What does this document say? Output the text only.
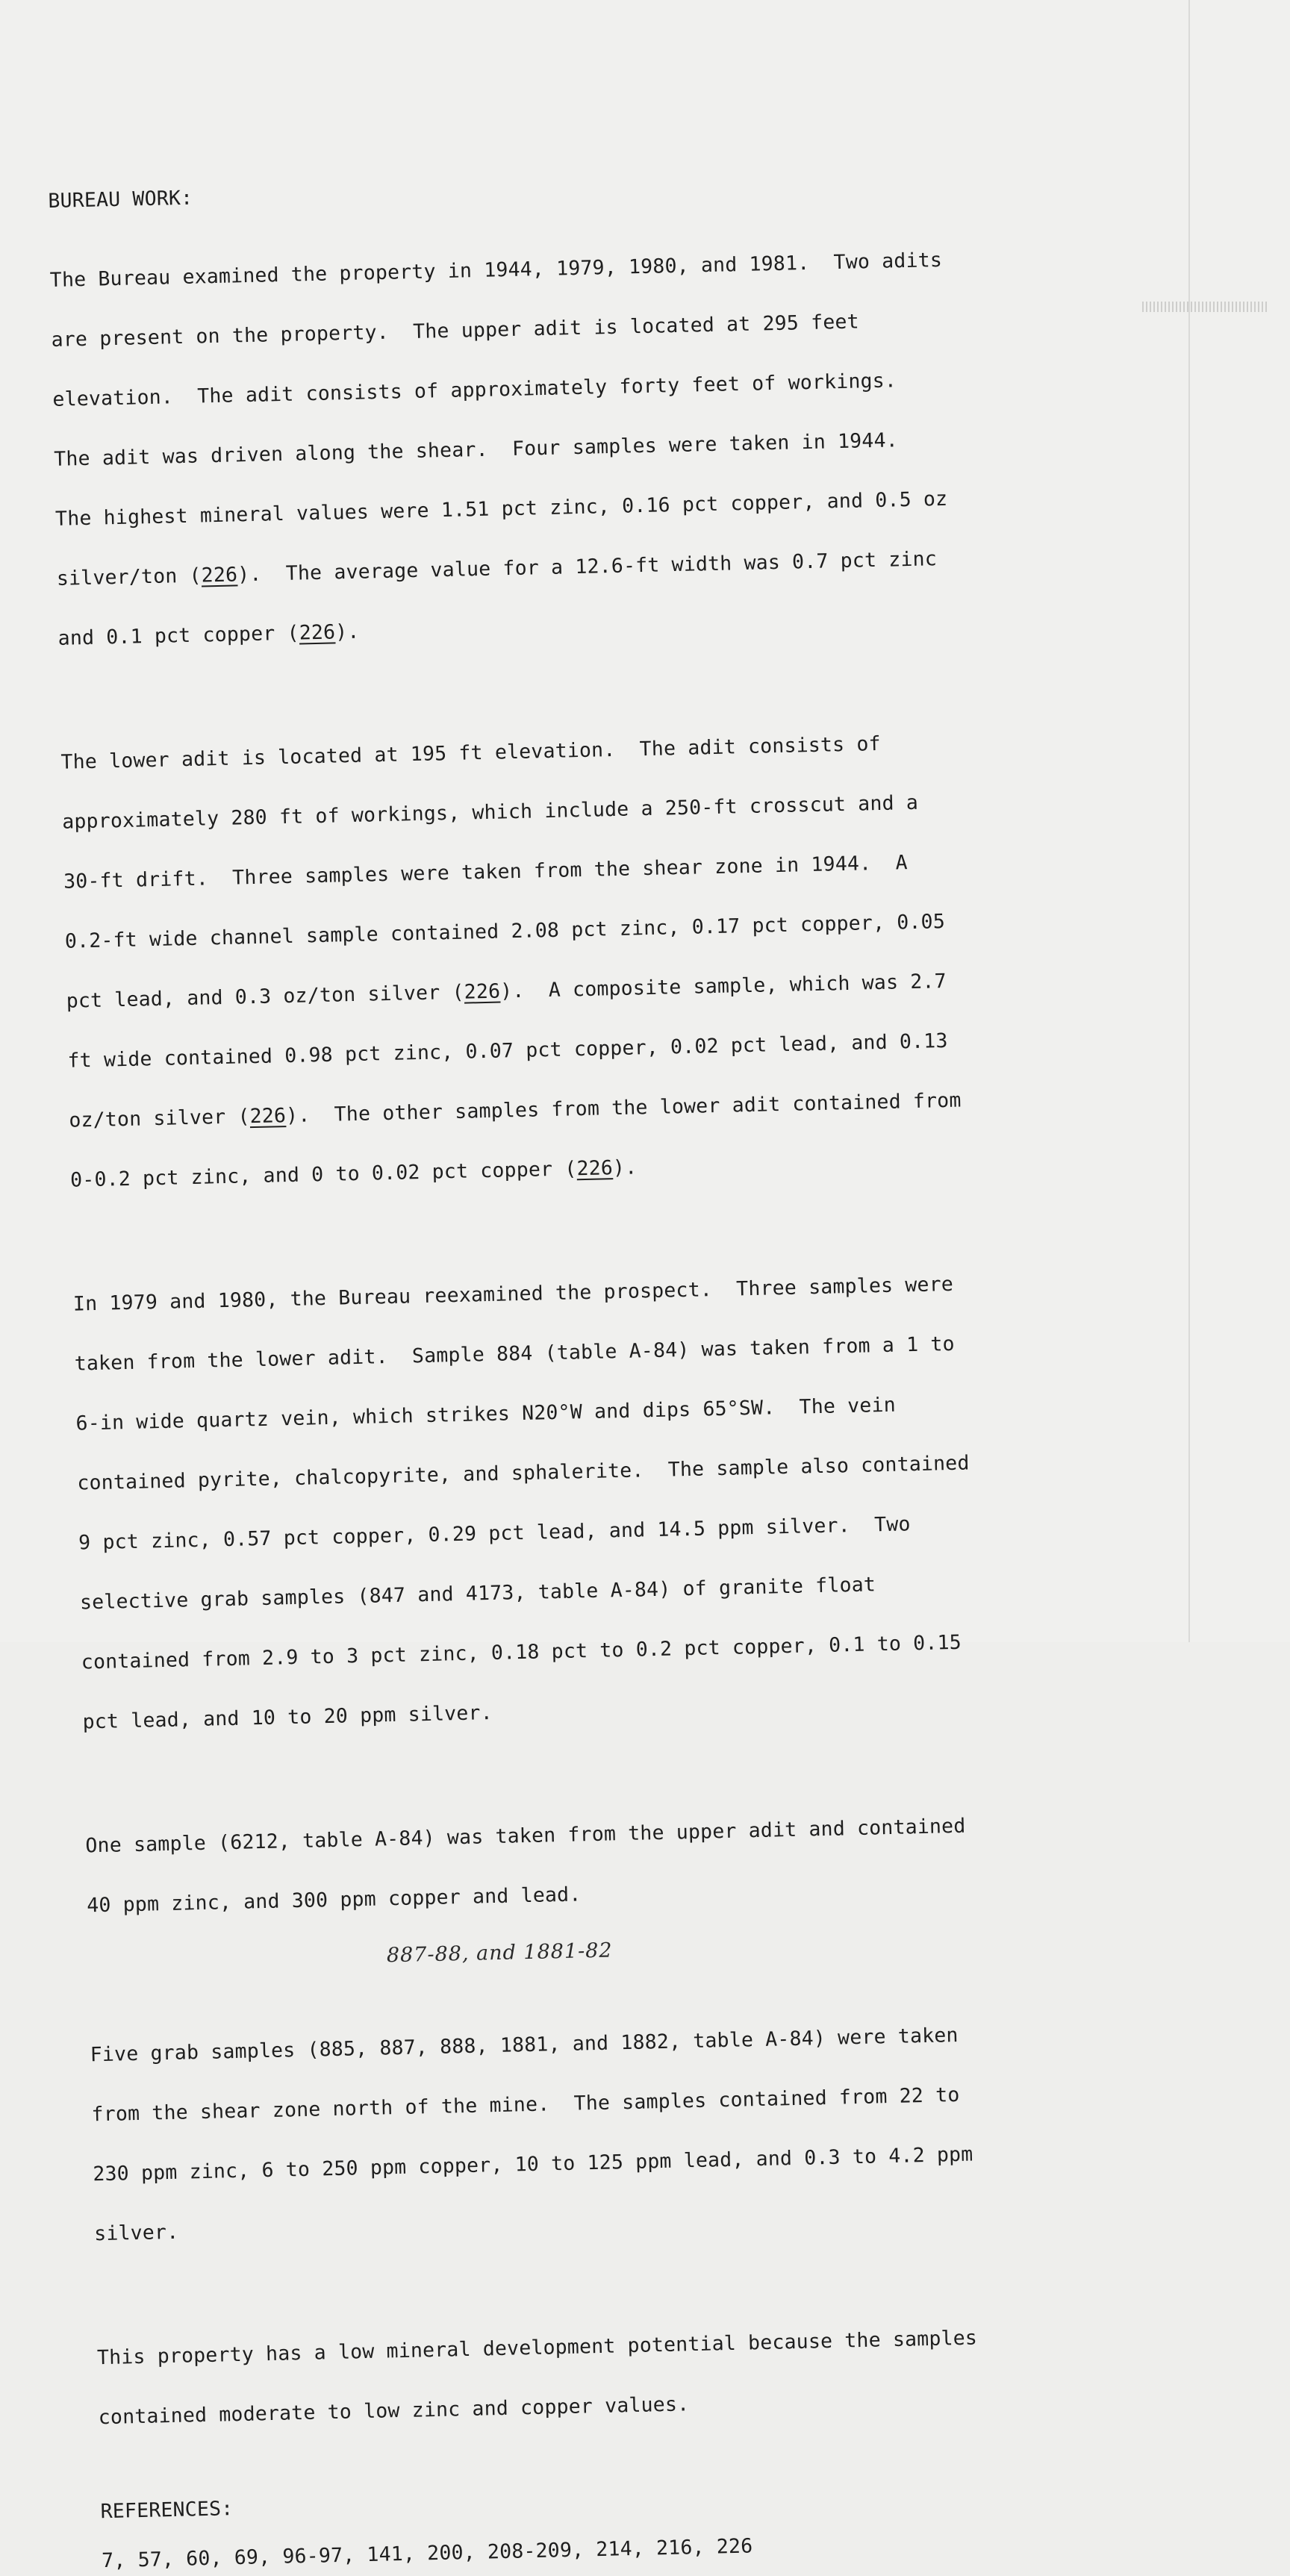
BUREAU WORK:

The Bureau examined the property in 1944, 1979, 1980, and 1981.  Two adits

are present on the property.  The upper adit is located at 295 feet

elevation.  The adit consists of approximately forty feet of workings.

The adit was driven along the shear.  Four samples were taken in 1944.

The highest mineral values were 1.51 pct zinc, 0.16 pct copper, and 0.5 oz

silver/ton (226).  The average value for a 12.6-ft width was 0.7 pct zinc

and 0.1 pct copper (226).

The lower adit is located at 195 ft elevation.  The adit consists of

approximately 280 ft of workings, which include a 250-ft crosscut and a

30-ft drift.  Three samples were taken from the shear zone in 1944.  A

0.2-ft wide channel sample contained 2.08 pct zinc, 0.17 pct copper, 0.05

pct lead, and 0.3 oz/ton silver (226).  A composite sample, which was 2.7

ft wide contained 0.98 pct zinc, 0.07 pct copper, 0.02 pct lead, and 0.13

oz/ton silver (226).  The other samples from the lower adit contained from

0-0.2 pct zinc, and 0 to 0.02 pct copper (226).

In 1979 and 1980, the Bureau reexamined the prospect.  Three samples were

taken from the lower adit.  Sample 884 (table A-84) was taken from a 1 to

6-in wide quartz vein, which strikes N20°W and dips 65°SW.  The vein

contained pyrite, chalcopyrite, and sphalerite.  The sample also contained

9 pct zinc, 0.57 pct copper, 0.29 pct lead, and 14.5 ppm silver.  Two

selective grab samples (847 and 4173, table A-84) of granite float

contained from 2.9 to 3 pct zinc, 0.18 pct to 0.2 pct copper, 0.1 to 0.15

pct lead, and 10 to 20 ppm silver.

One sample (6212, table A-84) was taken from the upper adit and contained

40 ppm zinc, and 300 ppm copper and lead.

887-88, and 1881-82

Five grab samples (885, 887, 888, 1881, and 1882, table A-84) were taken

from the shear zone north of the mine.  The samples contained from 22 to

230 ppm zinc, 6 to 250 ppm copper, 10 to 125 ppm lead, and 0.3 to 4.2 ppm

silver.

This property has a low mineral development potential because the samples

contained moderate to low zinc and copper values.

REFERENCES:
7, 57, 60, 69, 96-97, 141, 200, 208-209, 214, 216, 226
